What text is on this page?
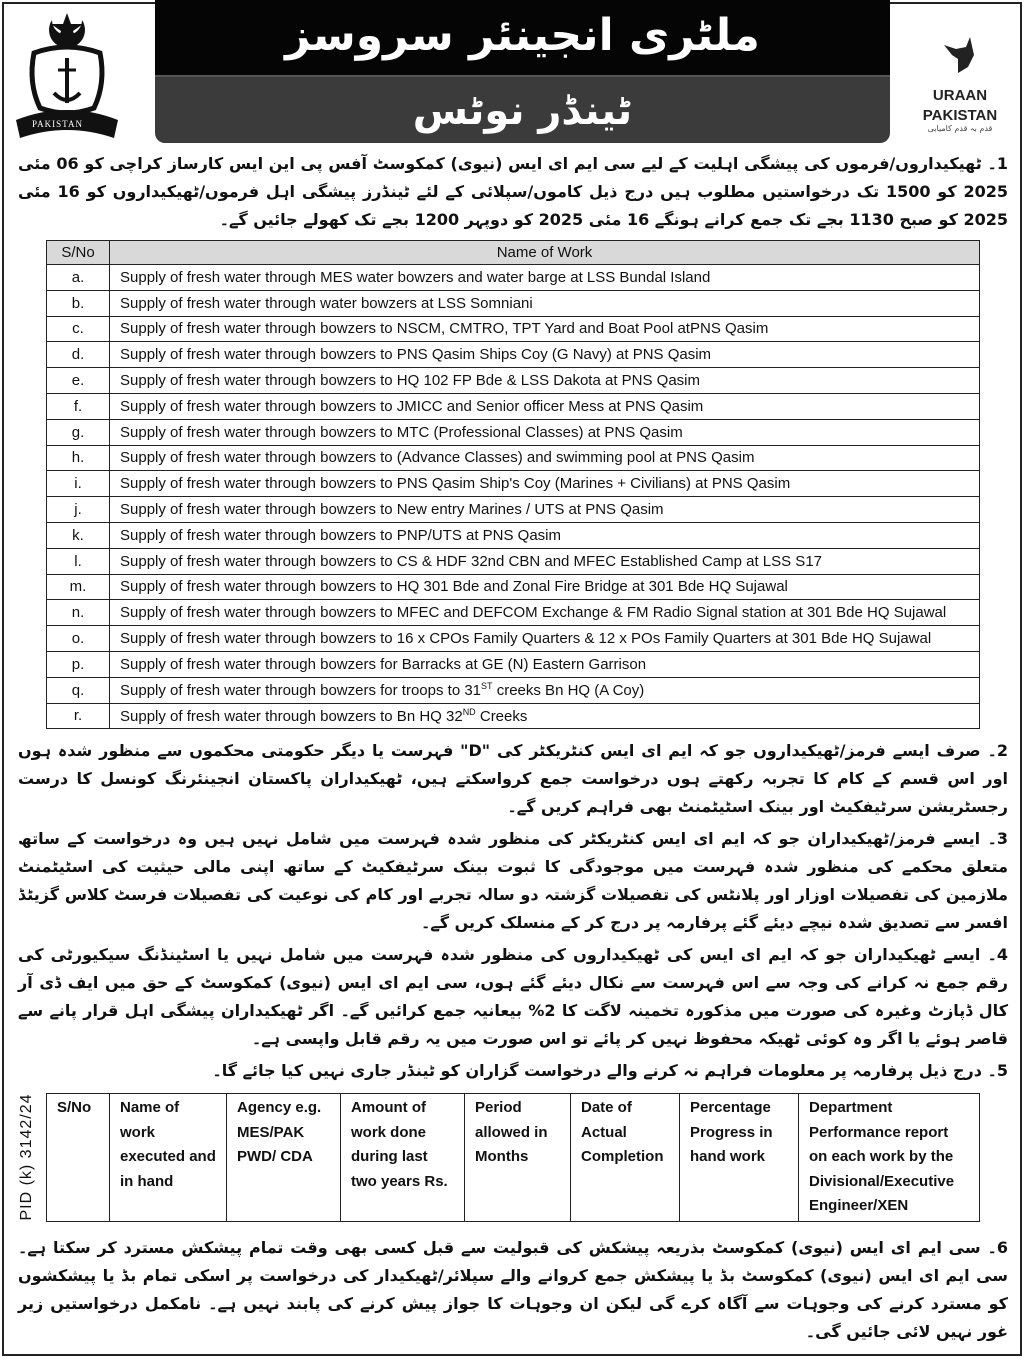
PAKISTAN
ملٹری انجینئر سروسز
ٹینڈر نوٹس	URAAN
PAKISTAN
قدم بہ قدم کامیابی

1۔ ٹھیکیداروں/فرموں کی پیشگی اہلیت کے لیے سی ایم ای ایس (نیوی) کمکوسٹ آفس پی این ایس کارساز کراچی کو 06 مئی 2025 کو 1500 تک درخواستیں مطلوب ہیں درج ذیل کاموں/سپلائی کے لئے ٹینڈرز پیشگی اہل فرموں/ٹھیکیداروں کو 16 مئی 2025 کو صبح 1130 بجے تک جمع کرانے ہونگے 16 مئی 2025 کو دوپہر 1200 بجے تک کھولے جائیں گے۔

S/No	Name of Work
a.	Supply of fresh water through MES water bowzers and water barge at LSS Bundal Island
b.	Supply of fresh water through water bowzers at LSS Somniani
c.	Supply of fresh water through bowzers to NSCM, CMTRO, TPT Yard and Boat Pool atPNS Qasim
d.	Supply of fresh water through bowzers to PNS Qasim Ships Coy (G Navy) at PNS Qasim
e.	Supply of fresh water through bowzers to HQ 102 FP Bde & LSS Dakota at PNS Qasim
f.	Supply of fresh water through bowzers to JMICC and Senior officer Mess at PNS Qasim
g.	Supply of fresh water through bowzers to MTC (Professional Classes) at PNS Qasim
h.	Supply of fresh water through bowzers to (Advance Classes) and swimming pool at PNS Qasim
i.	Supply of fresh water through bowzers to PNS Qasim Ship's Coy (Marines + Civilians) at PNS Qasim
j.	Supply of fresh water through bowzers to New entry Marines / UTS at PNS Qasim
k.	Supply of fresh water through bowzers to PNP/UTS at PNS Qasim
l.	Supply of fresh water through bowzers to CS & HDF 32nd CBN and MFEC Established Camp at LSS S17
m.	Supply of fresh water through bowzers to HQ 301 Bde and Zonal Fire Bridge at 301 Bde HQ Sujawal
n.	Supply of fresh water through bowzers to MFEC and DEFCOM Exchange & FM Radio Signal station at 301 Bde HQ Sujawal
o.	Supply of fresh water through bowzers to 16 x CPOs Family Quarters & 12 x POs Family Quarters at 301 Bde HQ Sujawal
p.	Supply of fresh water through bowzers for Barracks at GE (N) Eastern Garrison
q.	Supply of fresh water through bowzers for troops to 31ST creeks Bn HQ (A Coy)
r.	Supply of fresh water through bowzers to Bn HQ 32ND Creeks

2۔ صرف ایسے فرمز/ٹھیکیداروں جو کہ ایم ای ایس کنٹریکٹر کی "D" فہرست یا دیگر حکومتی محکموں سے منظور شدہ ہوں اور اس قسم کے کام کا تجربہ رکھتے ہوں درخواست جمع کرواسکتے ہیں، ٹھیکیداران پاکستان انجینئرنگ کونسل کا درست رجسٹریشن سرٹیفکیٹ اور بینک اسٹیٹمنٹ بھی فراہم کریں گے۔

3۔ ایسے فرمز/ٹھیکیداران جو کہ ایم ای ایس کنٹریکٹر کی منظور شدہ فہرست میں شامل نہیں ہیں وہ درخواست کے ساتھ متعلق محکمے کی منظور شدہ فہرست میں موجودگی کا ثبوت بینک سرٹیفکیٹ کے ساتھ اپنی مالی حیثیت کی اسٹیٹمنٹ ملازمین کی تفصیلات اوزار اور پلانٹس کی تفصیلات گزشتہ دو سالہ تجربے اور کام کی نوعیت کی تفصیلات فرسٹ کلاس گزیٹڈ افسر سے تصدیق شدہ نیچے دیئے گئے پرفارمہ پر درج کر کے منسلک کریں گے۔

4۔ ایسے ٹھیکیداران جو کہ ایم ای ایس کی ٹھیکیداروں کی منظور شدہ فہرست میں شامل نہیں یا اسٹینڈنگ سیکیورٹی کی رقم جمع نہ کرانے کی وجہ سے اس فہرست سے نکال دیئے گئے ہوں، سی ایم ای ایس (نیوی) کمکوسٹ کے حق میں ایف ڈی آر کال ڈپازٹ وغیرہ کی صورت میں مذکورہ تخمینہ لاگت کا 2% بیعانیہ جمع کرائیں گے۔ اگر ٹھیکیداران پیشگی اہل قرار پانے سے قاصر ہوئے یا اگر وہ کوئی ٹھیکہ محفوظ نہیں کر پائے تو اس صورت میں یہ رقم قابل واپسی ہے۔

5۔ درج ذیل پرفارمہ پر معلومات فراہم نہ کرنے والے درخواست گزاران کو ٹینڈر جاری نہیں کیا جائے گا۔

PID (k) 3142/24 S/No	Name of work executed and in hand	Agency e.g. MES/PAK PWD/ CDA	Amount of work done during last two years Rs.	Period allowed in Months	Date of Actual Completion	Percentage Progress in hand work	Department Performance report on each work by the Divisional/Executive Engineer/XEN

6۔ سی ایم ای ایس (نیوی) کمکوسٹ بذریعہ پیشکش کی قبولیت سے قبل کسی بھی وقت تمام پیشکش مسترد کر سکتا ہے۔ سی ایم ای ایس (نیوی) کمکوسٹ بڈ یا پیشکش جمع کروانے والے سپلائر/ٹھیکیدار کی درخواست پر اسکی تمام بڈ یا پیشکشوں کو مسترد کرنے کی وجوہات سے آگاہ کرے گی لیکن ان وجوہات کا جواز پیش کرنے کی پابند نہیں ہے۔ نامکمل درخواستیں زیر غور نہیں لائی جائیں گی۔
